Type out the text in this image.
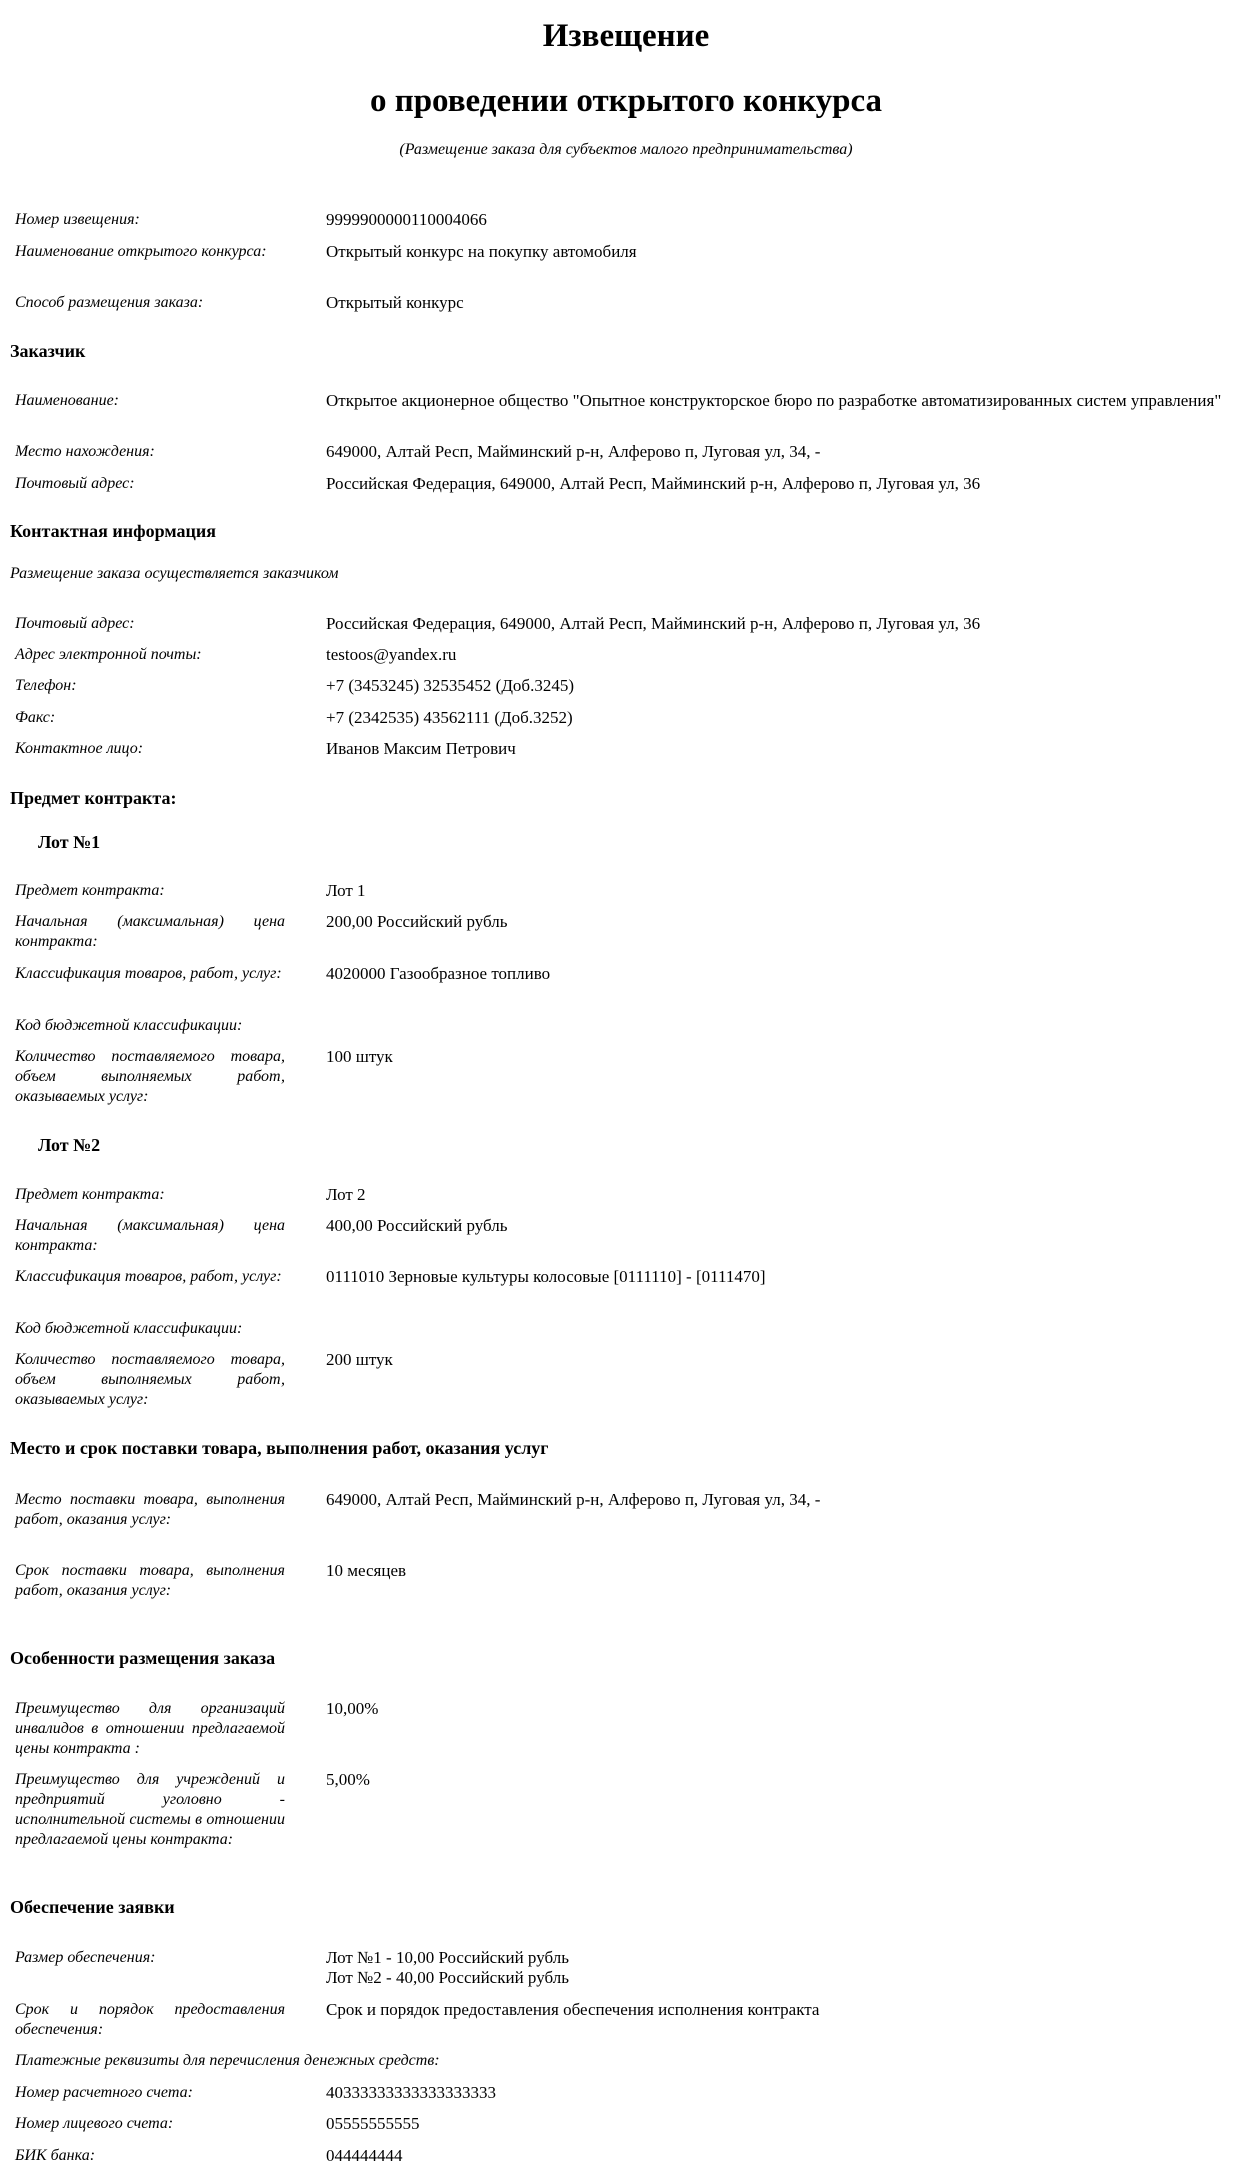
Извещение
о проведении открытого конкурса
(Размещение заказа для субъектов малого предпринимательства)
Номер извещения:	9999900000110004066
Наименование открытого конкурса:	Открытый конкурс на покупку автомобиля
Способ размещения заказа:	Открытый конкурс
Заказчик
Наименование:	Открытое акционерное общество "Опытное конструкторское бюро по разработке автоматизированных систем управления"
Место нахождения:	649000, Алтай Респ, Майминский р-н, Алферово п, Луговая ул, 34, -
Почтовый адрес:	Российская Федерация, 649000, Алтай Респ, Майминский р-н, Алферово п, Луговая ул, 36
Контактная информация
Размещение заказа осуществляется заказчиком
Почтовый адрес:	Российская Федерация, 649000, Алтай Респ, Майминский р-н, Алферово п, Луговая ул, 36
Адрес электронной почты:	testoos@yandex.ru
Телефон:	+7 (3453245) 32535452 (Доб.3245)
Факс:	+7 (2342535) 43562111 (Доб.3252)
Контактное лицо:	Иванов Максим Петрович
Предмет контракта:
Лот №1
Предмет контракта:	Лот 1
Начальная (максимальная) цена контракта:
200,00 Российский рубль
Классификация товаров, работ, услуг:	4020000 Газообразное топливо
Код бюджетной классификации:
Количество поставляемого товара, объем выполняемых работ, оказываемых услуг:
100 штук
Лот №2
Предмет контракта:	Лот 2
Начальная (максимальная) цена контракта:
400,00 Российский рубль
Классификация товаров, работ, услуг:	0111010 Зерновые культуры колосовые [0111110] - [0111470]
Код бюджетной классификации:
Количество поставляемого товара, объем выполняемых работ, оказываемых услуг:
200 штук
Место и срок поставки товара, выполнения работ, оказания услуг
Место поставки товара, выполнения работ, оказания услуг:
649000, Алтай Респ, Майминский р-н, Алферово п, Луговая ул, 34, -
Срок поставки товара, выполнения работ, оказания услуг:
10 месяцев
Особенности размещения заказа
Преимущество для организаций инвалидов в отношении предлагаемой цены контракта :
10,00%
Преимущество для учреждений и предприятий уголовно - исполнительной системы в отношении предлагаемой цены контракта:
5,00%
Обеспечение заявки
Размер обеспечения:	Лот №1 - 10,00 Российский рубль
Лот №2 - 40,00 Российский рубль
Срок и порядок предоставления обеспечения:
Срок и порядок предоставления обеспечения исполнения контракта
Платежные реквизиты для перечисления денежных средств:
Номер расчетного счета:	40333333333333333333
Номер лицевого счета:	05555555555
БИК банка:	044444444
